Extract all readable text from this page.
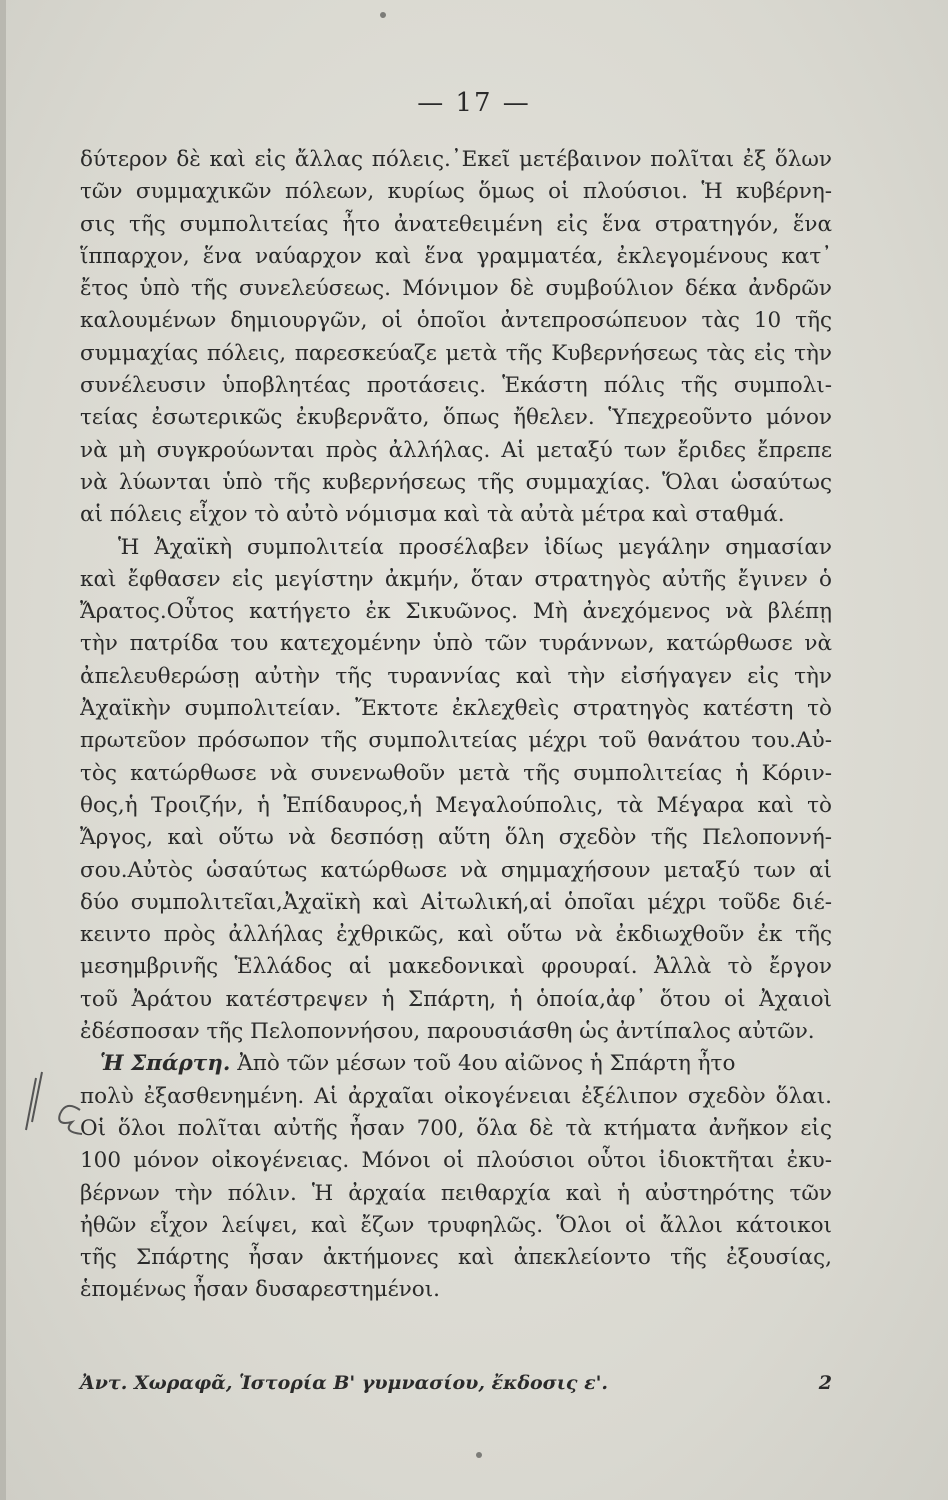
— 17 —
δύτερον δὲ καὶ εἰς ἄλλας πόλεις.᾿Εκεῖ μετέβαινον πολῖται ἐξ ὅλων
τῶν συμμαχικῶν πόλεων, κυρίως ὅμως οἱ πλούσιοι. Ἡ κυβέρνη-
σις τῆς συμπολιτείας ἦτο ἀνατεθειμένη εἰς ἕνα στρατηγόν, ἕνα
ἵππαρχον, ἕνα ναύαρχον καὶ ἕνα γραμματέα, ἐκλεγομένους κατ᾿
ἔτος ὑπὸ τῆς συνελεύσεως. Μόνιμον δὲ συμβούλιον δέκα ἀνδρῶν
καλουμένων δημιουργῶν, οἱ ὁποῖοι ἀντεπροσώπευον τὰς 10 τῆς
συμμαχίας πόλεις, παρεσκεύαζε μετὰ τῆς Κυβερνήσεως τὰς εἰς τὴν
συνέλευσιν ὑποβλητέας προτάσεις. Ἑκάστη πόλις τῆς συμπολι-
τείας ἐσωτερικῶς ἐκυβερνᾶτο, ὅπως ἤθελεν. Ὑπεχρεοῦντο μόνον
νὰ μὴ συγκρούωνται πρὸς ἀλλήλας. Αἱ μεταξύ των ἔριδες ἔπρεπε
νὰ λύωνται ὑπὸ τῆς κυβερνήσεως τῆς συμμαχίας. Ὅλαι ὡσαύτως
αἱ πόλεις εἶχον τὸ αὐτὸ νόμισμα καὶ τὰ αὐτὰ μέτρα καὶ σταθμά.
Ἡ Ἀχαϊκὴ συμπολιτεία προσέλαβεν ἰδίως μεγάλην σημασίαν
καὶ ἔφθασεν εἰς μεγίστην ἀκμήν, ὅταν στρατηγὸς αὐτῆς ἔγινεν ὁ
Ἄρατος.Οὗτος κατήγετο ἐκ Σικυῶνος. Μὴ ἀνεχόμενος νὰ βλέπῃ
τὴν πατρίδα του κατεχομένην ὑπὸ τῶν τυράννων, κατώρθωσε νὰ
ἀπελευθερώσῃ αὐτὴν τῆς τυραννίας καὶ τὴν εἰσήγαγεν εἰς τὴν
Ἀχαϊκὴν συμπολιτείαν. Ἔκτοτε ἐκλεχθεὶς στρατηγὸς κατέστη τὸ
πρωτεῦον πρόσωπον τῆς συμπολιτείας μέχρι τοῦ θανάτου του.Αὐ-
τὸς κατώρθωσε νὰ συνενωθοῦν μετὰ τῆς συμπολιτείας ἡ Κόριν-
θος,ἡ Τροιζήν, ἡ Ἐπίδαυρος,ἡ Μεγαλούπολις, τὰ Μέγαρα καὶ τὸ
Ἄργος, καὶ οὕτω νὰ δεσπόσῃ αὕτη ὅλη σχεδὸν τῆς Πελοποννή-
σου.Αὐτὸς ὡσαύτως κατώρθωσε νὰ σημμαχήσουν μεταξύ των αἱ
δύο συμπολιτεῖαι,Ἀχαϊκὴ καὶ Αἰτωλική,αἱ ὁποῖαι μέχρι τοῦδε διέ-
κειντο πρὸς ἀλλήλας ἐχθρικῶς, καὶ οὕτω νὰ ἐκδιωχθοῦν ἐκ τῆς
μεσημβρινῆς Ἑλλάδος αἱ μακεδονικαὶ φρουραί. Ἀλλὰ τὸ ἔργον
τοῦ Ἀράτου κατέστρεψεν ἡ Σπάρτη, ἡ ὁποία,ἀφ᾿ ὅτου οἱ Ἀχαιοὶ
ἐδέσποσαν τῆς Πελοποννήσου, παρουσιάσθη ὡς ἀντίπαλος αὐτῶν.
Ἡ Σπάρτη. Ἀπὸ τῶν μέσων τοῦ 4ου αἰῶνος ἡ Σπάρτη ἦτο
πολὺ ἐξασθενημένη. Αἱ ἀρχαῖαι οἰκογένειαι ἐξέλιπον σχεδὸν ὅλαι.
Οἱ ὅλοι πολῖται αὐτῆς ἦσαν 700, ὅλα δὲ τὰ κτήματα ἀνῆκον εἰς
100 μόνον οἰκογένειας. Μόνοι οἱ πλούσιοι οὗτοι ἰδιοκτῆται ἐκυ-
βέρνων τὴν πόλιν. Ἡ ἀρχαία πειθαρχία καὶ ἡ αὐστηρότης τῶν
ἠθῶν εἶχον λείψει, καὶ ἔζων τρυφηλῶς. Ὅλοι οἱ ἄλλοι κάτοικοι
τῆς Σπάρτης ἦσαν ἀκτήμονες καὶ ἀπεκλείοντο τῆς ἐξουσίας,
ἑπομένως ἦσαν δυσαρεστημένοι.
Ἀντ. Χωραφᾶ, Ἱστορία Β' γυμνασίου, ἔκδοσις ε'.	2
